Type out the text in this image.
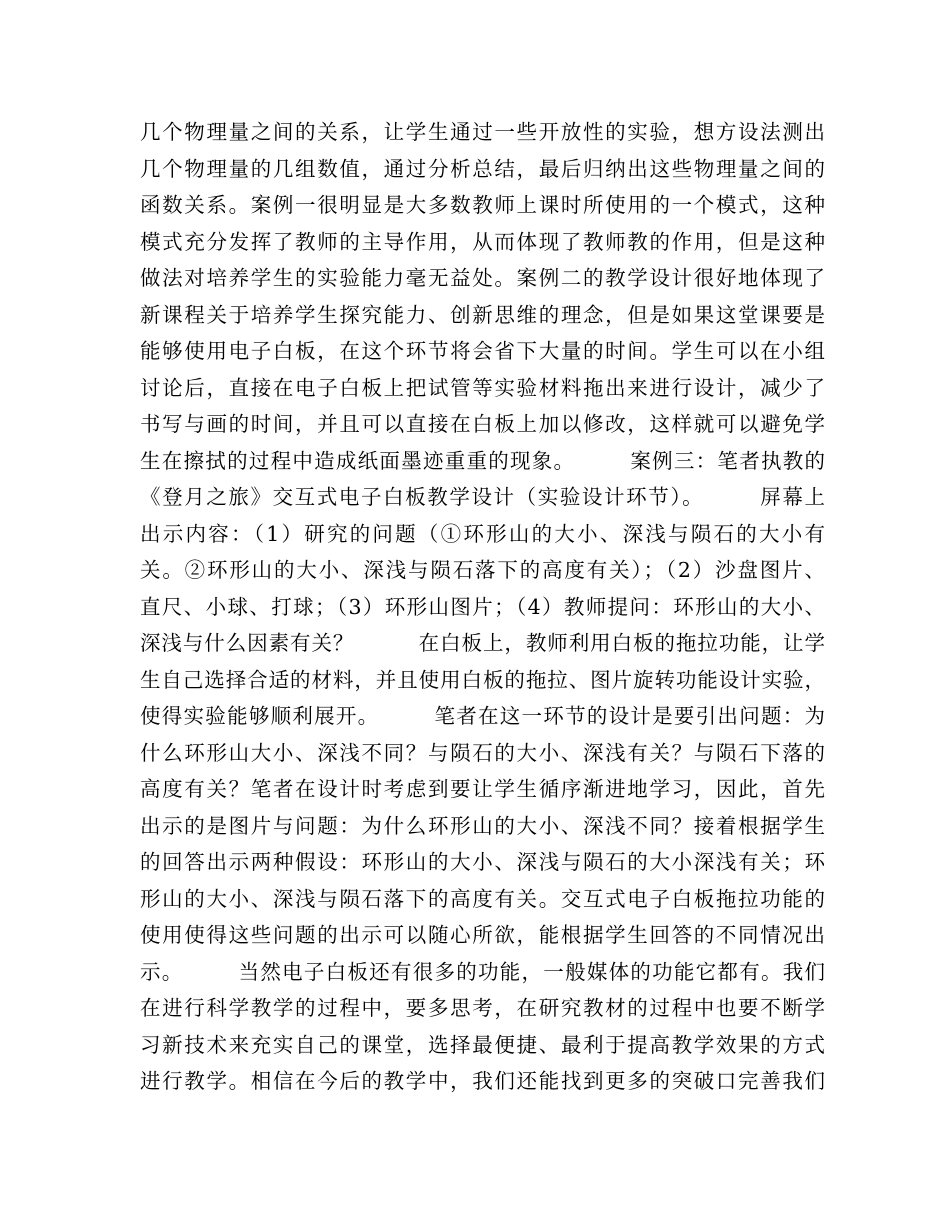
几个物理量之间的关系，让学生通过一些开放性的实验，想方设法测出
几个物理量的几组数值，通过分析总结，最后归纳出这些物理量之间的
函数关系。案例一很明显是大多数教师上课时所使用的一个模式，这种
模式充分发挥了教师的主导作用，从而体现了教师教的作用，但是这种
做法对培养学生的实验能力毫无益处。案例二的教学设计很好地体现了
新课程关于培养学生探究能力、创新思维的理念，但是如果这堂课要是
能够使用电子白板，在这个环节将会省下大量的时间。学生可以在小组
讨论后，直接在电子白板上把试管等实验材料拖出来进行设计，减少了
书写与画的时间，并且可以直接在白板上加以修改，这样就可以避免学
生在擦拭的过程中造成纸面墨迹重重的现象。　　　案例三：笔者执教的
《登月之旅》交互式电子白板教学设计（实验设计环节）。　　　屏幕上
出示内容：（1）研究的问题（①环形山的大小、深浅与陨石的大小有
关。②环形山的大小、深浅与陨石落下的高度有关）；（2）沙盘图片、
直尺、小球、打球；（3）环形山图片；（4）教师提问：环形山的大小、
深浅与什么因素有关？　　　在白板上，教师利用白板的拖拉功能，让学
生自己选择合适的材料，并且使用白板的拖拉、图片旋转功能设计实验，
使得实验能够顺利展开。　　　笔者在这一环节的设计是要引出问题：为
什么环形山大小、深浅不同？与陨石的大小、深浅有关？与陨石下落的
高度有关？笔者在设计时考虑到要让学生循序渐进地学习，因此，首先
出示的是图片与问题：为什么环形山的大小、深浅不同？接着根据学生
的回答出示两种假设：环形山的大小、深浅与陨石的大小深浅有关；环
形山的大小、深浅与陨石落下的高度有关。交互式电子白板拖拉功能的
使用使得这些问题的出示可以随心所欲，能根据学生回答的不同情况出
示。　　　当然电子白板还有很多的功能，一般媒体的功能它都有。我们
在进行科学教学的过程中，要多思考，在研究教材的过程中也要不断学
习新技术来充实自己的课堂，选择最便捷、最利于提高教学效果的方式
进行教学。相信在今后的教学中，我们还能找到更多的突破口完善我们
